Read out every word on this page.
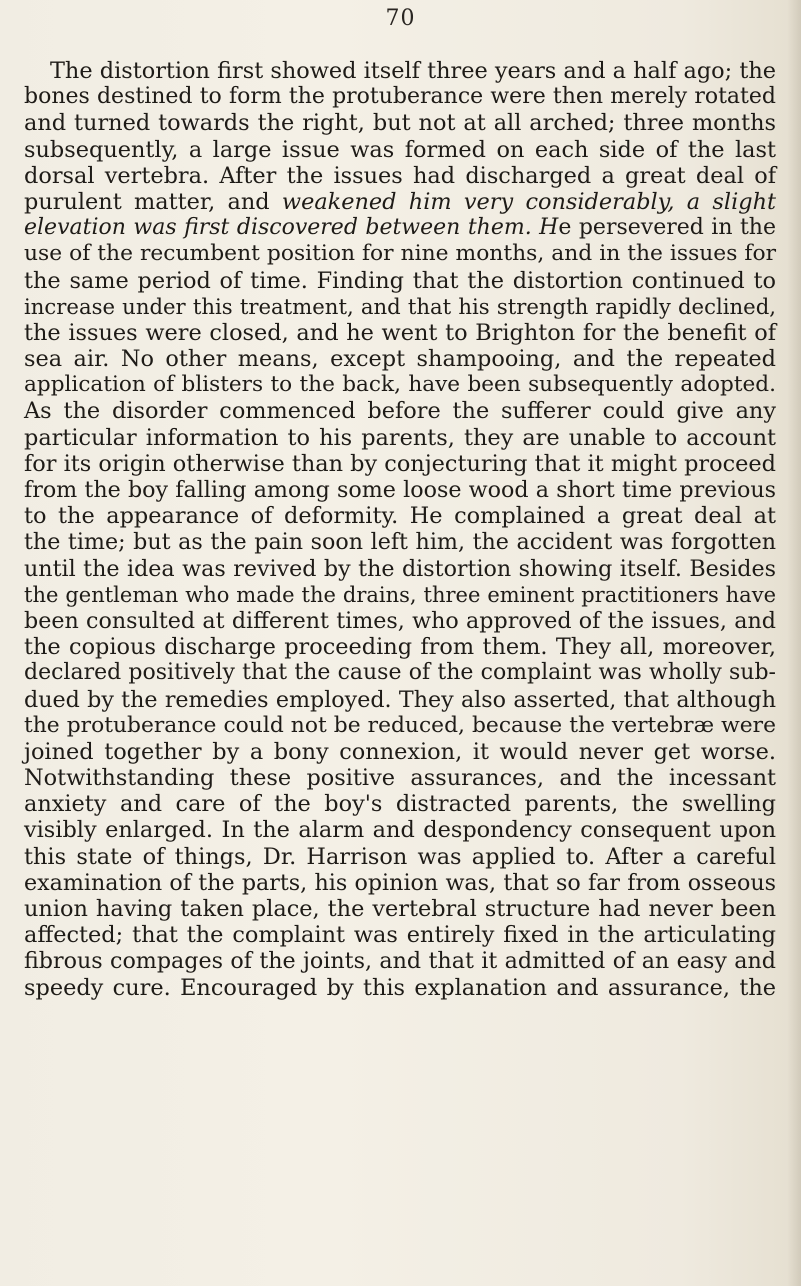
70
The distortion first showed itself three years and a half ago; the
bones destined to form the protuberance were then merely rotated
and turned towards the right, but not at all arched; three months
subsequently, a large issue was formed on each side of the last
dorsal vertebra. After the issues had discharged a great deal of
purulent matter, and weakened him very considerably, a slight
elevation was first discovered between them. He persevered in the
use of the recumbent position for nine months, and in the issues for
the same period of time. Finding that the distortion continued to
increase under this treatment, and that his strength rapidly declined,
the issues were closed, and he went to Brighton for the benefit of
sea air. No other means, except shampooing, and the repeated
application of blisters to the back, have been subsequently adopted.
As the disorder commenced before the sufferer could give any
particular information to his parents, they are unable to account
for its origin otherwise than by conjecturing that it might proceed
from the boy falling among some loose wood a short time previous
to the appearance of deformity. He complained a great deal at
the time; but as the pain soon left him, the accident was forgotten
until the idea was revived by the distortion showing itself. Besides
the gentleman who made the drains, three eminent practitioners have
been consulted at different times, who approved of the issues, and
the copious discharge proceeding from them. They all, moreover,
declared positively that the cause of the complaint was wholly sub-
dued by the remedies employed. They also asserted, that although
the protuberance could not be reduced, because the vertebræ were
joined together by a bony connexion, it would never get worse.
Notwithstanding these positive assurances, and the incessant
anxiety and care of the boy's distracted parents, the swelling
visibly enlarged. In the alarm and despondency consequent upon
this state of things, Dr. Harrison was applied to. After a careful
examination of the parts, his opinion was, that so far from osseous
union having taken place, the vertebral structure had never been
affected; that the complaint was entirely fixed in the articulating
fibrous compages of the joints, and that it admitted of an easy and
speedy cure. Encouraged by this explanation and assurance, the
